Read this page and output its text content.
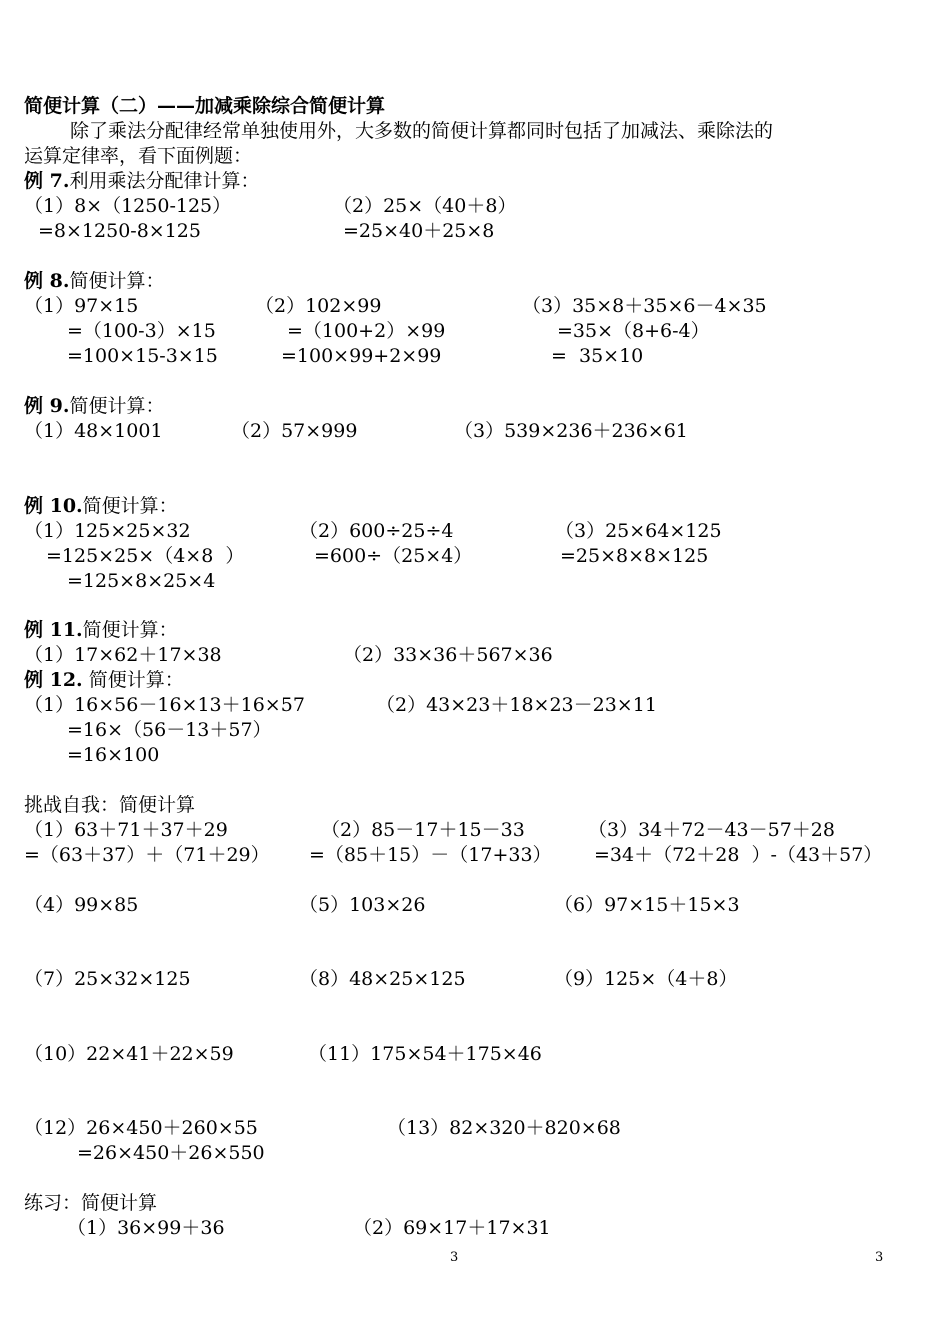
简便计算（二）——加减乘除综合简便计算
除了乘法分配律经常单独使用外，大多数的简便计算都同时包括了加减法、乘除法的
运算定律率，看下面例题：
例 7.利用乘法分配律计算：
（1）8×（1250-125）	（2）25×（40＋8）
=8×1250-8×125	=25×40＋25×8
例 8.简便计算：
（1）97×15	（2）102×99	（3）35×8＋35×6－4×35
=（100-3）×15	=（100+2）×99	=35×（8+6-4）
=100×15-3×15	=100×99+2×99	=  35×10
例 9.简便计算：
（1）48×1001	（2）57×999	（3）539×236＋236×61
例 10.简便计算：
（1）125×25×32	（2）600÷25÷4	（3）25×64×125
=125×25×（4×8  ）	=600÷（25×4）	=25×8×8×125
=125×8×25×4
例 11.简便计算：
（1）17×62＋17×38	（2）33×36＋567×36
例 12. 简便计算：
（1）16×56－16×13＋16×57	（2）43×23＋18×23－23×11
=16×（56－13＋57）
=16×100
挑战自我：简便计算
（1）63＋71＋37＋29	（2）85－17＋15－33	（3）34＋72－43－57＋28
=（63＋37）＋（71＋29） =（85＋15）－（17+33） =34＋（72＋28  ）-（43＋57）
（4）99×85	（5）103×26	（6）97×15＋15×3
（7）25×32×125	（8）48×25×125	（9）125×（4＋8）
（10）22×41＋22×59	（11）175×54＋175×46
（12）26×450＋260×55	（13）82×320＋820×68
=26×450＋26×550
练习：简便计算
（1）36×99＋36	（2）69×17＋17×31
3	3
